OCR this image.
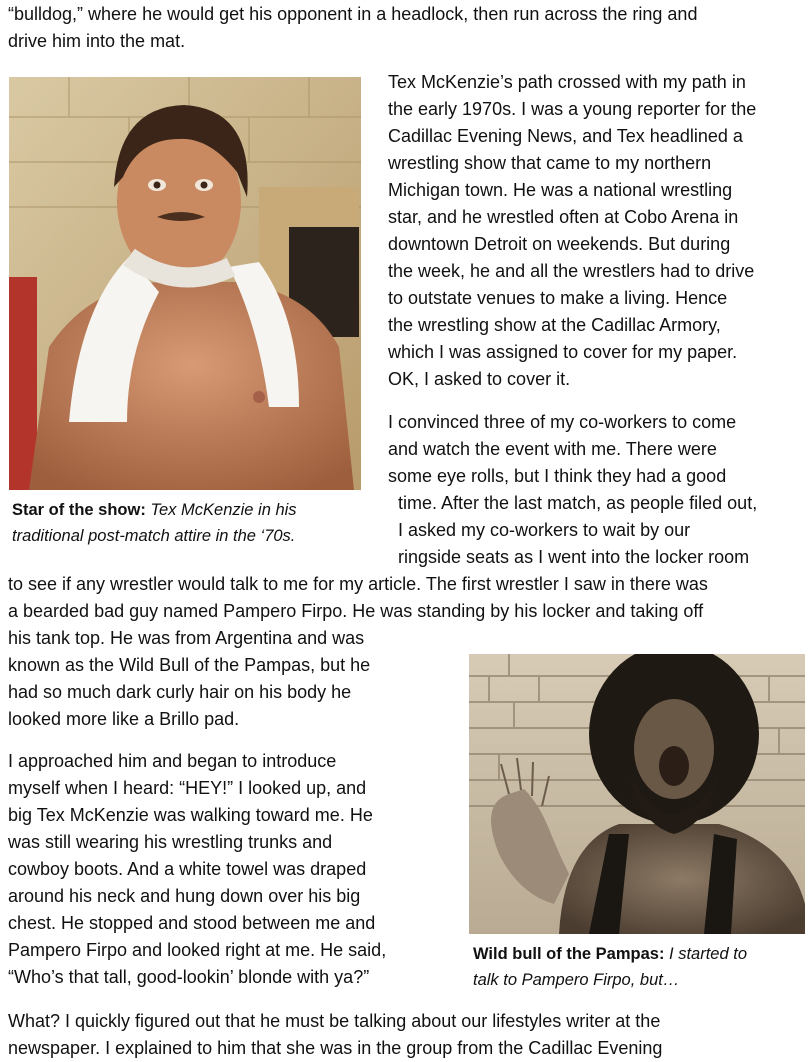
“bulldog,” where he would get his opponent in a headlock, then run across the ring and
drive him into the mat.
Star of the show: Tex McKenzie in his
traditional post-match attire in the ‘70s.
Tex McKenzie’s path crossed with my path in
the early 1970s. I was a young reporter for the
Cadillac Evening News, and Tex headlined a
wrestling show that came to my northern
Michigan town. He was a national wrestling
star, and he wrestled often at Cobo Arena in
downtown Detroit on weekends. But during
the week, he and all the wrestlers had to drive
to outstate venues to make a living. Hence
the wrestling show at the Cadillac Armory,
which I was assigned to cover for my paper.
OK, I asked to cover it.
I convinced three of my co-workers to come
and watch the event with me. There were
some eye rolls, but I think they had a good
time. After the last match, as people filed out,
I asked my co-workers to wait by our
ringside seats as I went into the locker room
to see if any wrestler would talk to me for my article. The first wrestler I saw in there was
a bearded bad guy named Pampero Firpo. He was standing by his locker and taking off
his tank top. He was from Argentina and was
known as the Wild Bull of the Pampas, but he
had so much dark curly hair on his body he
looked more like a Brillo pad.
I approached him and began to introduce
myself when I heard: “HEY!” I looked up, and
big Tex McKenzie was walking toward me. He
was still wearing his wrestling trunks and
cowboy boots. And a white towel was draped
around his neck and hung down over his big
chest. He stopped and stood between me and
Pampero Firpo and looked right at me. He said,
“Who’s that tall, good-lookin’ blonde with ya?”
Wild bull of the Pampas: I started to
talk to Pampero Firpo, but…
What? I quickly figured out that he must be talking about our lifestyles writer at the
newspaper. I explained to him that she was in the group from the Cadillac Evening
